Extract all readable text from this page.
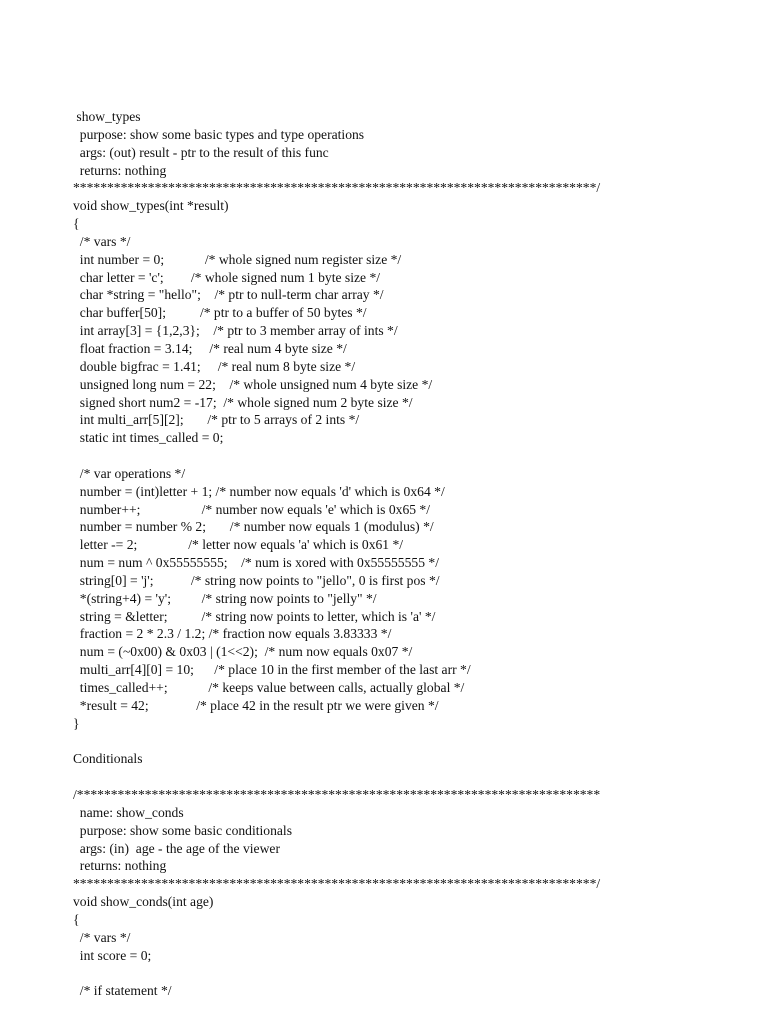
show_types
purpose: show some basic types and type operations
args: (out) result - ptr to the result of this func
returns: nothing
*****************************************************************************/
void show_types(int *result)
{
/* vars */
int number = 0;            /* whole signed num register size */
char letter = 'c';        /* whole signed num 1 byte size */
char *string = "hello";    /* ptr to null-term char array */
char buffer[50];          /* ptr to a buffer of 50 bytes */
int array[3] = {1,2,3};    /* ptr to 3 member array of ints */
float fraction = 3.14;     /* real num 4 byte size */
double bigfrac = 1.41;     /* real num 8 byte size */
unsigned long num = 22;    /* whole unsigned num 4 byte size */
signed short num2 = -17;  /* whole signed num 2 byte size */
int multi_arr[5][2];       /* ptr to 5 arrays of 2 ints */
static int times_called = 0;
/* var operations */
number = (int)letter + 1; /* number now equals 'd' which is 0x64 */
number++;                  /* number now equals 'e' which is 0x65 */
number = number % 2;       /* number now equals 1 (modulus) */
letter -= 2;               /* letter now equals 'a' which is 0x61 */
num = num ^ 0x55555555;    /* num is xored with 0x55555555 */
string[0] = 'j';           /* string now points to "jello", 0 is first pos */
*(string+4) = 'y';         /* string now points to "jelly" */
string = &letter;          /* string now points to letter, which is 'a' */
fraction = 2 * 2.3 / 1.2; /* fraction now equals 3.83333 */
num = (~0x00) & 0x03 | (1<<2);  /* num now equals 0x07 */
multi_arr[4][0] = 10;      /* place 10 in the first member of the last arr */
times_called++;            /* keeps value between calls, actually global */
*result = 42;              /* place 42 in the result ptr we were given */
}
Conditionals
/*****************************************************************************
name: show_conds
purpose: show some basic conditionals
args: (in)  age - the age of the viewer
returns: nothing
*****************************************************************************/
void show_conds(int age)
{
/* vars */
int score = 0;
/* if statement */
